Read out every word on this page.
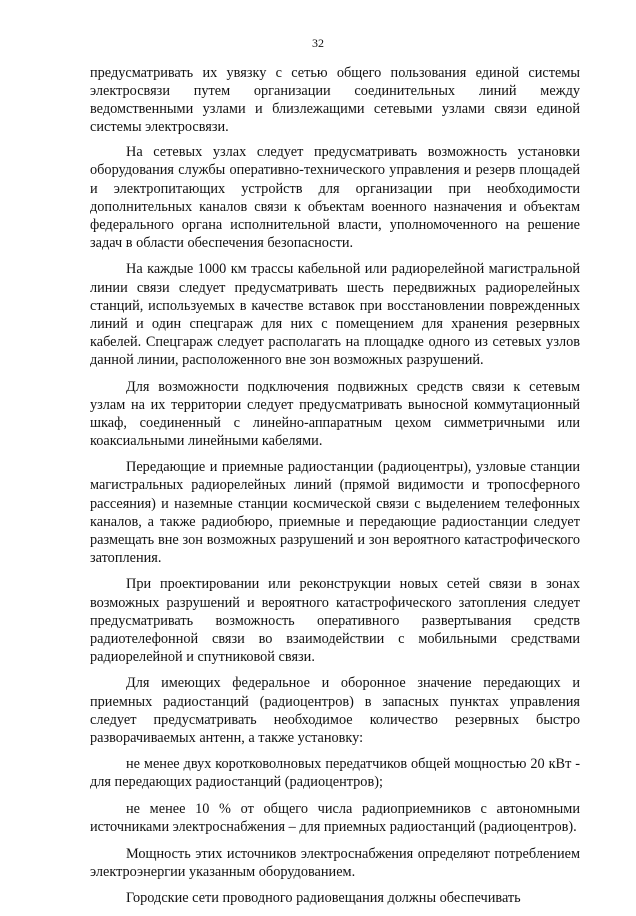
32

предусматривать их увязку с сетью общего пользования единой системы электросвязи путем организации соединительных линий между ведомственными узлами и близлежащими сетевыми узлами связи единой системы электросвязи.

На сетевых узлах следует предусматривать возможность установки оборудования службы оперативно-технического управления и резерв площадей и электропитающих устройств для организации при необходимости дополнительных каналов связи к объектам военного назначения и объектам федерального органа исполнительной власти, уполномоченного на решение задач в области обеспечения безопасности.

На каждые 1000 км трассы кабельной или радиорелейной магистральной линии связи следует предусматривать шесть передвижных радиорелейных станций, используемых в качестве вставок при восстановлении поврежденных линий и один спецгараж для них с помещением для хранения резервных кабелей. Спецгараж следует располагать на площадке одного из сетевых узлов данной линии, расположенного вне зон возможных разрушений.

Для возможности подключения подвижных средств связи к сетевым узлам на их территории следует предусматривать выносной коммутационный шкаф, соединенный с линейно-аппаратным цехом симметричными или коаксиальными линейными кабелями.

Передающие и приемные радиостанции (радиоцентры), узловые станции магистральных радиорелейных линий (прямой видимости и тропосферного рассеяния) и наземные станции космической связи с выделением телефонных каналов, а также радиобюро, приемные и передающие радиостанции следует размещать вне зон возможных разрушений и зон вероятного катастрофического затопления.

При проектировании или реконструкции новых сетей связи в зонах возможных разрушений и вероятного катастрофического затопления следует предусматривать возможность оперативного развертывания средств радиотелефонной связи во взаимодействии с мобильными средствами радиорелейной и спутниковой связи.

Для имеющих федеральное и оборонное значение передающих и приемных радиостанций (радиоцентров) в запасных пунктах управления следует предусматривать необходимое количество резервных быстро разворачиваемых антенн, а также установку:

не менее двух коротковолновых передатчиков общей мощностью 20 кВт - для передающих радиостанций (радиоцентров);

не менее 10 % от общего числа радиоприемников с автономными источниками электроснабжения – для приемных радиостанций (радиоцентров).

Мощность этих источников электроснабжения определяют потреблением электроэнергии указанным оборудованием.

Городские сети проводного радиовещания должны обеспечивать
